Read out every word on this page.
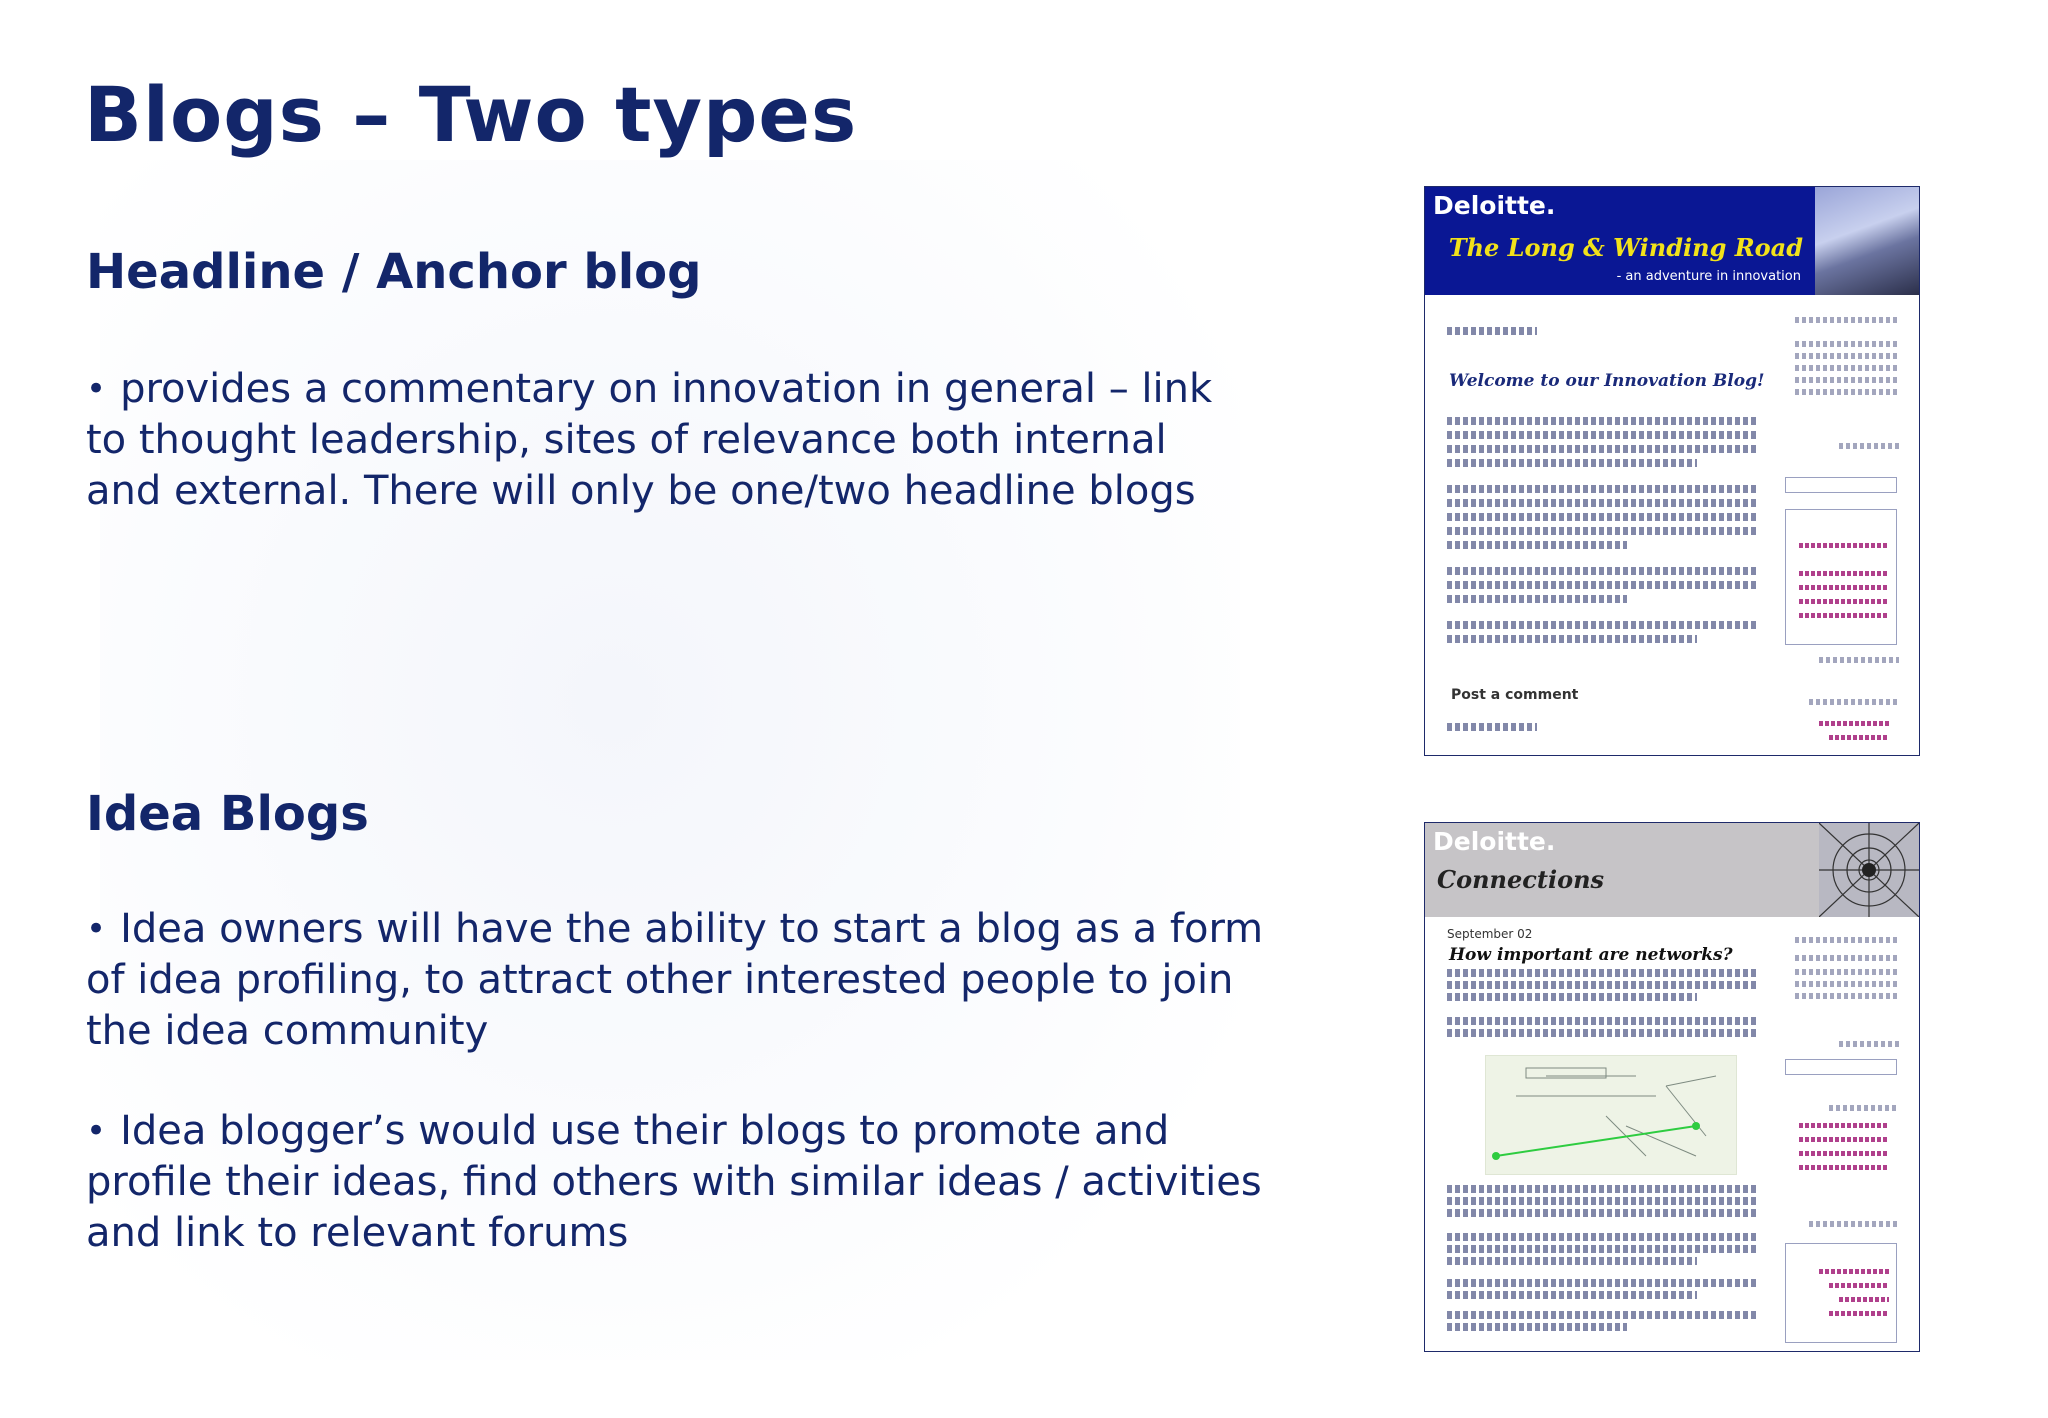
Blogs – Two types
Headline / Anchor blog

• provides a commentary on innovation in general – link to thought leadership, sites of relevance both internal and external. There will only be one/two headline blogs

Idea Blogs

• Idea owners will have the ability to start a blog as a form of idea profiling, to attract other interested people to join the idea community

• Idea blogger’s would use their blogs to promote and profile their ideas, find others with similar ideas / activities and link to relevant forums

Deloitte.
The Long & Winding Road
- an adventure in innovation
Welcome to our Innovation Blog!
Post a comment
Deloitte.
Connections
September 02
How important are networks?
